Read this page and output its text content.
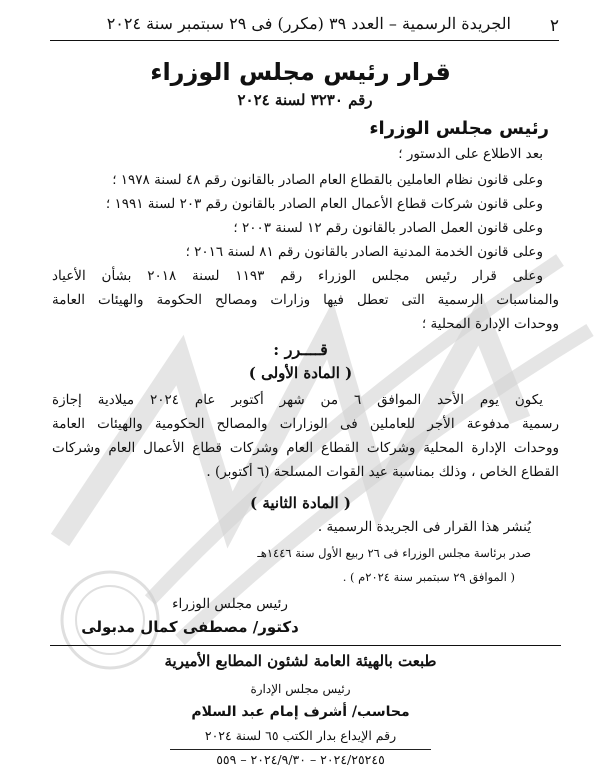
٢
الجريدة الرسمية – العدد ٣٩ (مكرر) فى ٢٩ سبتمبر سنة ٢٠٢٤
قرار رئيس مجلس الوزراء
رقم ٣٢٣٠ لسنة ٢٠٢٤
رئيس مجلس الوزراء
بعد الاطلاع على الدستور ؛
وعلى قانون نظام العاملين بالقطاع العام الصادر بالقانون رقم ٤٨ لسنة ١٩٧٨ ؛
وعلى قانون شركات قطاع الأعمال العام الصادر بالقانون رقم ٢٠٣ لسنة ١٩٩١ ؛
وعلى قانون العمل الصادر بالقانون رقم ١٢ لسنة ٢٠٠٣ ؛
وعلى قانون الخدمة المدنية الصادر بالقانون رقم ٨١ لسنة ٢٠١٦ ؛
وعلى قرار رئيس مجلس الوزراء رقم ١١٩٣ لسنة ٢٠١٨ بشأن الأعياد
والمناسبات الرسمية التى تعطل فيها وزارات ومصالح الحكومة والهيئات العامة
ووحدات الإدارة المحلية ؛
قــــرر :
( المادة الأولى )
يكون يوم الأحد الموافق ٦ من شهر أكتوبر عام ٢٠٢٤ ميلادية إجازة
رسمية مدفوعة الأجر للعاملين فى الوزارات والمصالح الحكومية والهيئات العامة
ووحدات الإدارة المحلية وشركات القطاع العام وشركات قطاع الأعمال العام وشركات
القطاع الخاص ، وذلك بمناسبة عيد القوات المسلحة (٦ أكتوبر) .
( المادة الثانية )
يُنشر هذا القرار فى الجريدة الرسمية .
صدر برئاسة مجلس الوزراء فى ٢٦ ربيع الأول سنة ١٤٤٦هـ
( الموافق ٢٩ سبتمبر سنة ٢٠٢٤م ) .
رئيس مجلس الوزراء
دكتور/ مصطفى كمال مدبولى
طبعت بالهيئة العامة لشئون المطابع الأميرية
رئيس مجلس الإدارة
محاسب/ أشرف إمام عبد السلام
رقم الإيداع بدار الكتب ٦٥ لسنة ٢٠٢٤
٢٠٢٤/٢٥٢٤٥ – ٢٠٢٤/٩/٣٠ – ٥٥٩
